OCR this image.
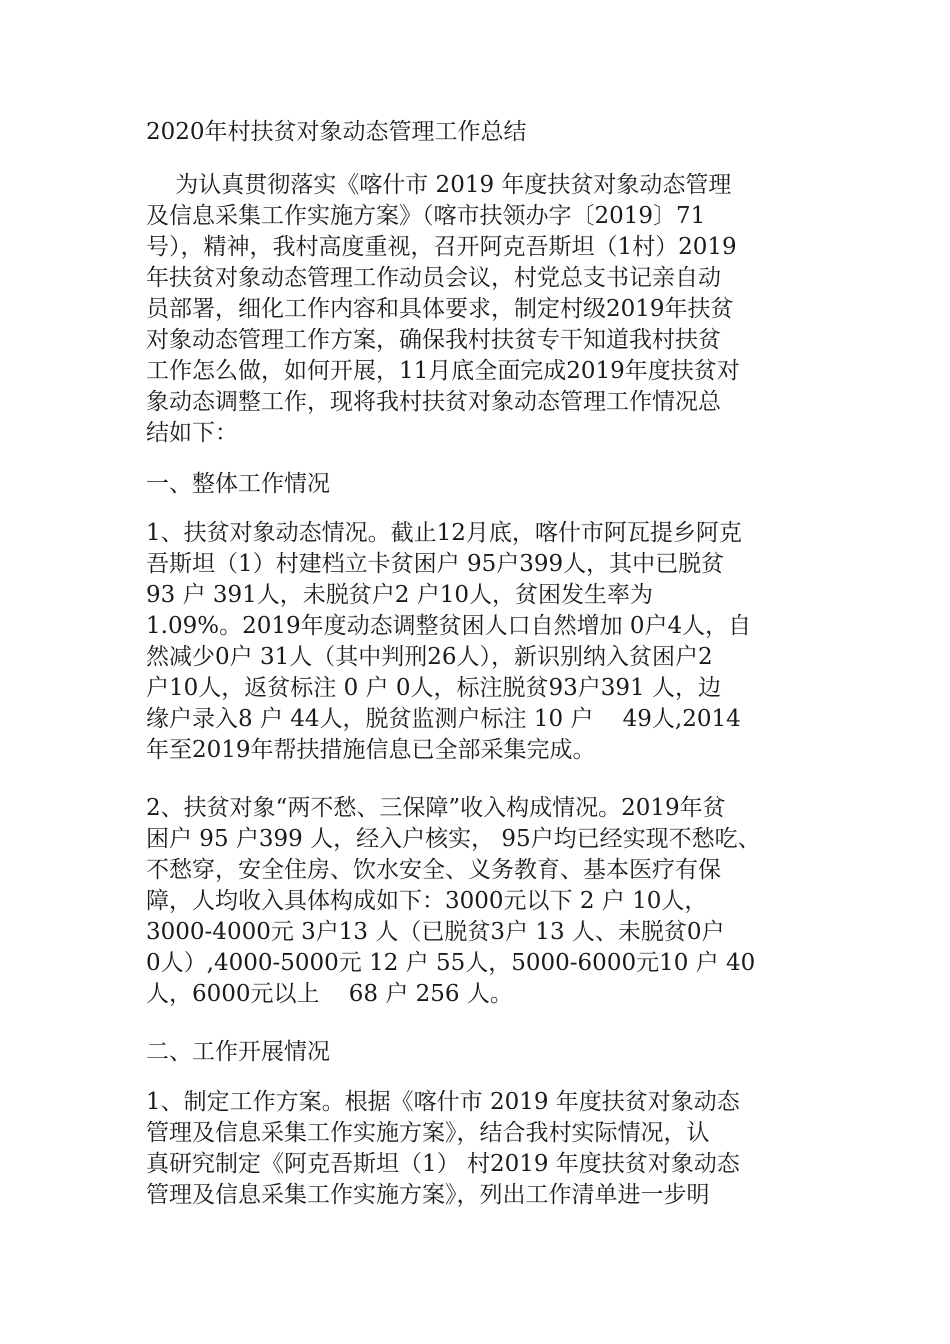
2020年村扶贫对象动态管理工作总结
为认真贯彻落实《喀什市 2019 年度扶贫对象动态管理
及信息采集工作实施方案》（喀市扶领办字〔2019〕71
号），精神，我村高度重视，召开阿克吾斯坦（1村）2019
年扶贫对象动态管理工作动员会议，村党总支书记亲自动
员部署，细化工作内容和具体要求，制定村级2019年扶贫
对象动态管理工作方案，确保我村扶贫专干知道我村扶贫
工作怎么做，如何开展，11月底全面完成2019年度扶贫对
象动态调整工作，现将我村扶贫对象动态管理工作情况总
结如下：
一、整体工作情况
1、扶贫对象动态情况。截止12月底，喀什市阿瓦提乡阿克
吾斯坦（1）村建档立卡贫困户 95户399人，其中已脱贫
93 户 391人，未脱贫户2 户10人，贫困发生率为
1.09%。2019年度动态调整贫困人口自然增加 0户4人，自
然减少0户 31人（其中判刑26人），新识别纳入贫困户2
户10人，返贫标注 0 户 0人，标注脱贫93户391 人，边
缘户录入8 户 44人，脱贫监测户标注 10 户    49人,2014
年至2019年帮扶措施信息已全部采集完成。
2、扶贫对象“两不愁、三保障”收入构成情况。2019年贫
困户 95 户399 人，经入户核实， 95户均已经实现不愁吃、
不愁穿，安全住房、饮水安全、义务教育、基本医疗有保
障，人均收入具体构成如下：3000元以下 2 户 10人，
3000-4000元 3户13 人（已脱贫3户 13 人、未脱贫0户
0人）,4000-5000元 12 户 55人，5000-6000元10 户 40
人，6000元以上    68 户 256 人。
二、工作开展情况
1、制定工作方案。根据《喀什市 2019 年度扶贫对象动态
管理及信息采集工作实施方案》，结合我村实际情况，认
真研究制定《阿克吾斯坦（1） 村2019 年度扶贫对象动态
管理及信息采集工作实施方案》，列出工作清单进一步明
